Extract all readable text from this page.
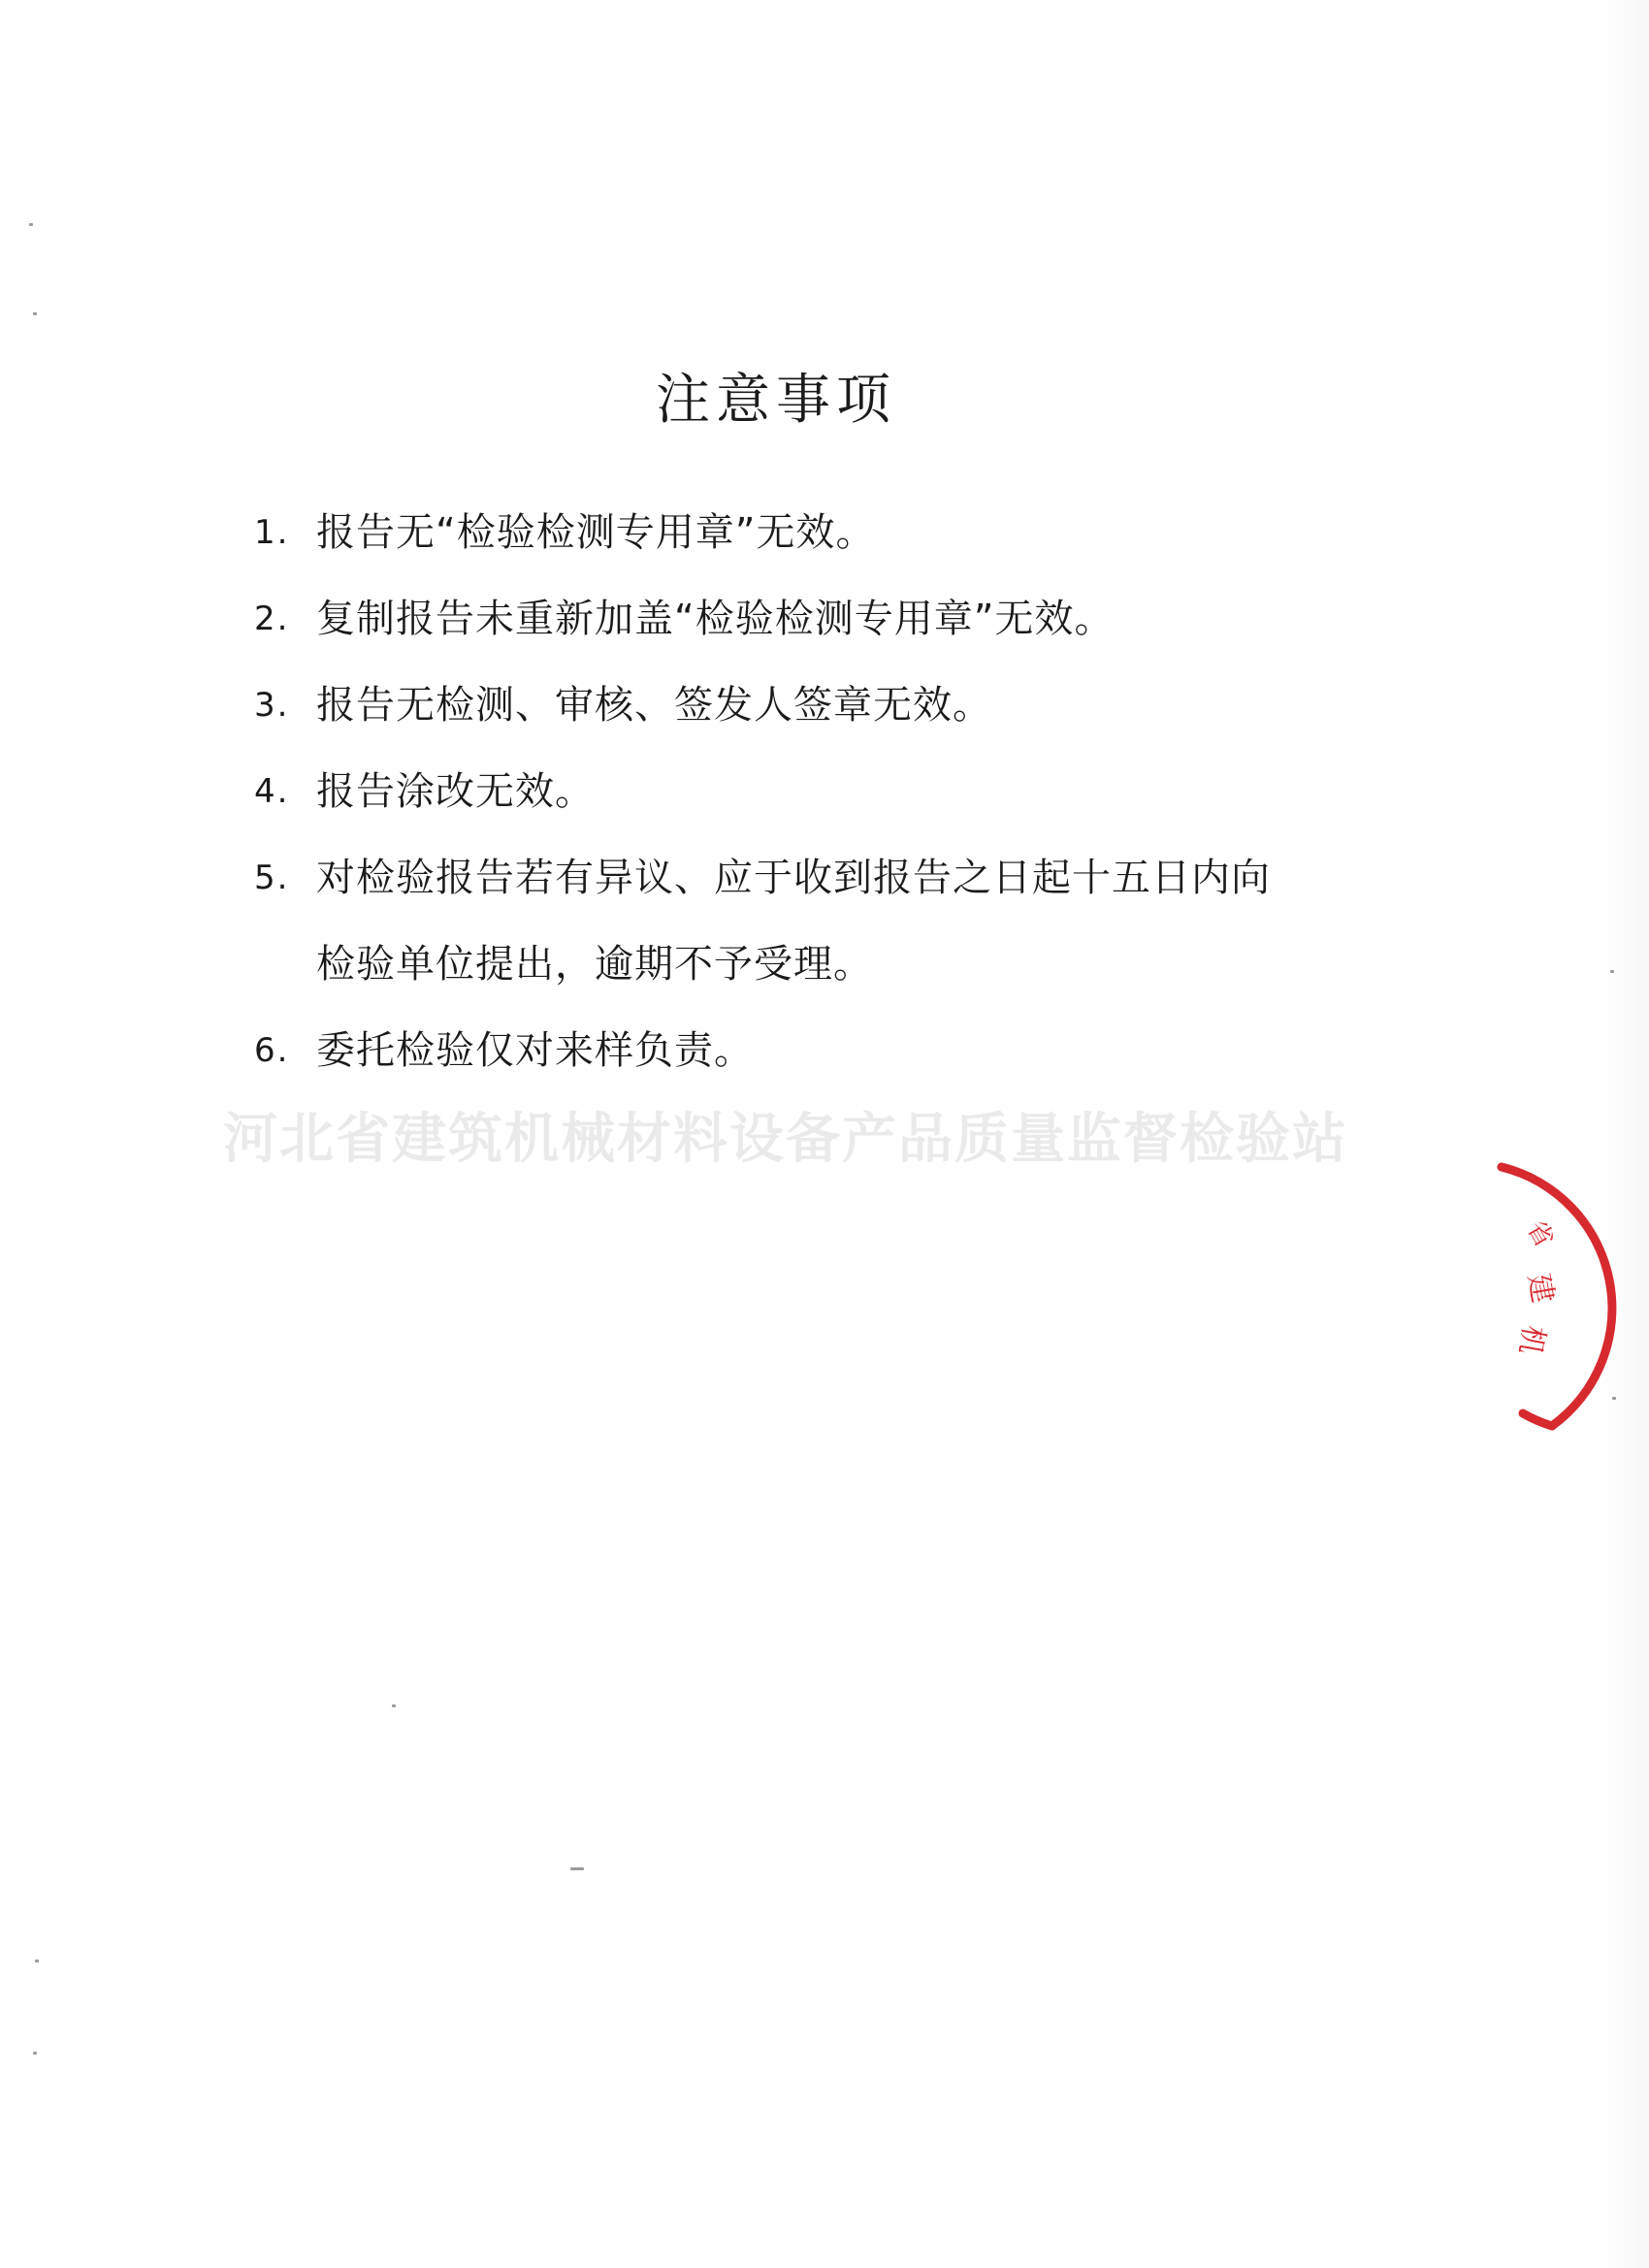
注意事项
1. 报告无“检验检测专用章”无效。
2. 复制报告未重新加盖“检验检测专用章”无效。
3. 报告无检测、审核、签发人签章无效。
4. 报告涂改无效。
5. 对检验报告若有异议、应于收到报告之日起十五日内向
检验单位提出，逾期不予受理。
6. 委托检验仅对来样负责。
河北省建筑机械材料设备产品质量监督检验站
省
建
机
